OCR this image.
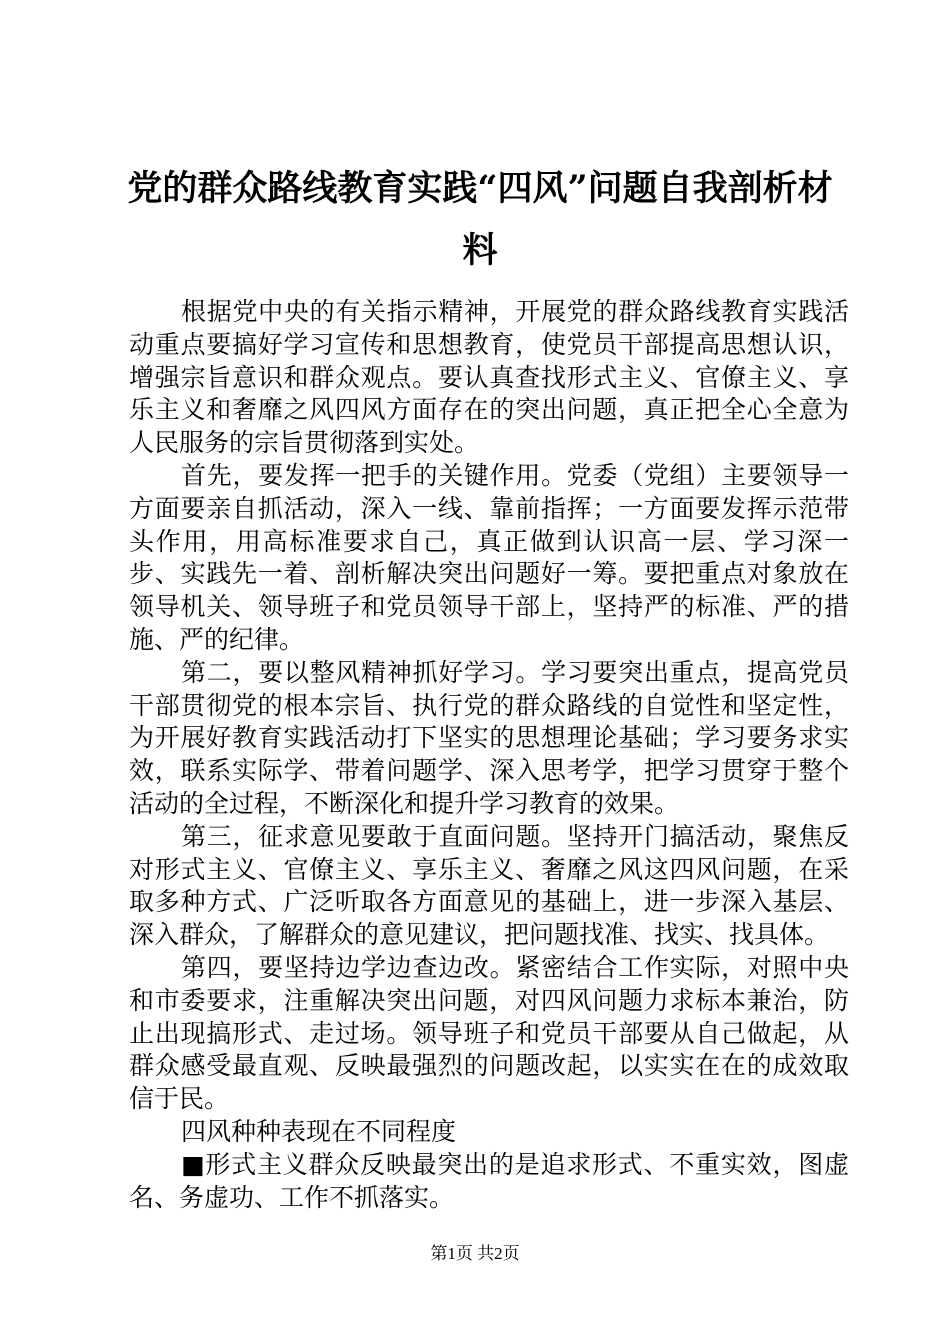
党的群众路线教育实践“四风”问题自我剖析材料

根据党中央的有关指示精神，开展党的群众路线教育实践活动重点要搞好学习宣传和思想教育，使党员干部提高思想认识，增强宗旨意识和群众观点。要认真查找形式主义、官僚主义、享乐主义和奢靡之风四风方面存在的突出问题，真正把全心全意为人民服务的宗旨贯彻落到实处。

首先，要发挥一把手的关键作用。党委（党组）主要领导一方面要亲自抓活动，深入一线、靠前指挥；一方面要发挥示范带头作用，用高标准要求自己，真正做到认识高一层、学习深一步、实践先一着、剖析解决突出问题好一筹。要把重点对象放在领导机关、领导班子和党员领导干部上，坚持严的标准、严的措施、严的纪律。

第二，要以整风精神抓好学习。学习要突出重点，提高党员干部贯彻党的根本宗旨、执行党的群众路线的自觉性和坚定性，为开展好教育实践活动打下坚实的思想理论基础；学习要务求实效，联系实际学、带着问题学、深入思考学，把学习贯穿于整个活动的全过程，不断深化和提升学习教育的效果。

第三，征求意见要敢于直面问题。坚持开门搞活动，聚焦反对形式主义、官僚主义、享乐主义、奢靡之风这四风问题，在采取多种方式、广泛听取各方面意见的基础上，进一步深入基层、深入群众，了解群众的意见建议，把问题找准、找实、找具体。

第四，要坚持边学边查边改。紧密结合工作实际，对照中央和市委要求，注重解决突出问题，对四风问题力求标本兼治，防止出现搞形式、走过场。领导班子和党员干部要从自己做起，从群众感受最直观、反映最强烈的问题改起，以实实在在的成效取信于民。

四风种种表现在不同程度

■形式主义群众反映最突出的是追求形式、不重实效，图虚名、务虚功、工作不抓落实。

第1页 共2页
